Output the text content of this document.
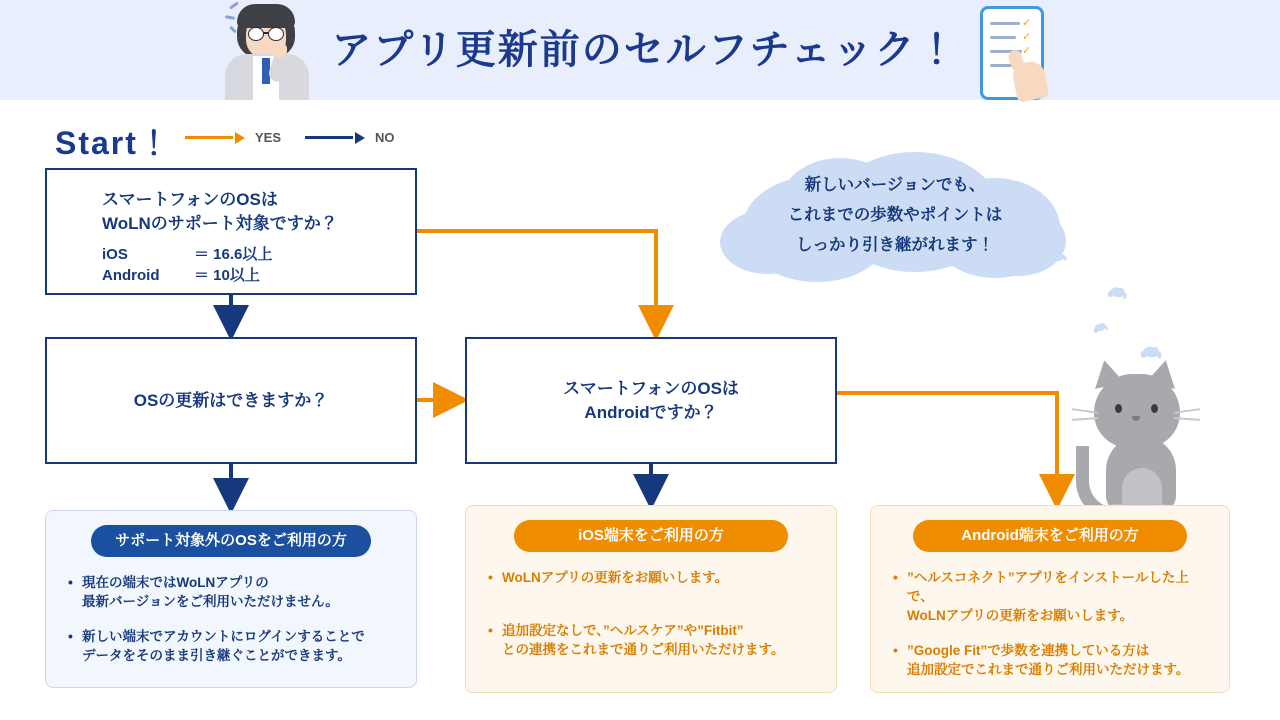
アプリ更新前のセルフチェック！
✓
✓
✓
Start！	YES	NO
新しいバージョンでも、
これまでの歩数やポイントは
しっかり引き継がれます！
スマートフォンのOSは
WoLNのサポート対象ですか？
iOS	＝ 16.6以上
Android	＝ 10以上
OSの更新はできますか？
スマートフォンのOSは
Androidですか？
サポート対象外のOSをご利用の方
• 現在の端末ではWoLNアプリの
最新バージョンをご利用いただけません。
• 新しい端末でアカウントにログインすることで
データをそのまま引き継ぐことができます。
iOS端末をご利用の方
• WoLNアプリの更新をお願いします。
• 追加設定なしで、”ヘルスケア”や”Fitbit”
との連携をこれまで通りご利用いただけます。
Android端末をご利用の方
• ”ヘルスコネクト”アプリをインストールした上で、
WoLNアプリの更新をお願いします。
• ”Google Fit”で歩数を連携している方は
追加設定でこれまで通りご利用いただけます。
